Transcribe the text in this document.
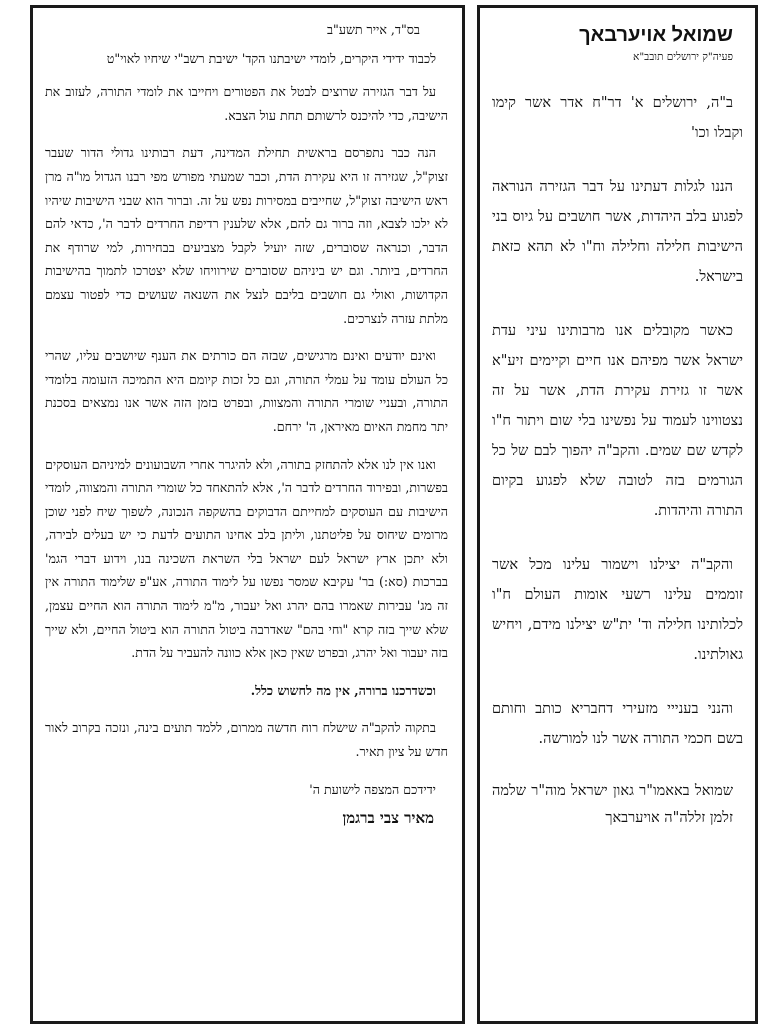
בס"ד, אייר תשע"ב

לכבוד ידידי היקרים, לומדי ישיבתנו הקד' ישיבת רשב"י שיחיו לאוי"ט

על דבר הגזירה שרוצים לבטל את הפטורים ויחייבו את לומדי התורה, לעזוב את הישיבה, כדי להיכנס לרשותם תחת עול הצבא.

הנה כבר נתפרסם בראשית תחילת המדינה, דעת רבותינו גדולי הדור שעבר זצוק"ל, שגזירה זו היא עקירת הדת, וכבר שמעתי מפורש מפי רבנו הגדול מו"ה מרן ראש הישיבה זצוק"ל, שחייבים במסירות נפש על זה. וברור הוא שבני הישיבות שיהיו לא ילכו לצבא, וזה ברור גם להם, אלא שלענין רדיפת החרדים לדבר ה', כדאי להם הדבר, וכנראה שסוברים, שזה יועיל לקבל מצביעים בבחירות, למי שרודף את החרדים, ביותר. וגם יש ביניהם שסוברים שירוויחו שלא יצטרכו לתמוך בהישיבות הקדושות, ואולי גם חושבים בליבם לנצל את השנאה שעושים כדי לפטור עצמם מלתת עזרה לנצרכים.

ואינם יודעים ואינם מרגישים, שבזה הם כורתים את הענף שיושבים עליו, שהרי כל העולם עומד על עמלי התורה, וגם כל זכות קיומם היא התמיכה הזעומה בלומדי התורה, ובעניי שומרי התורה והמצוות, ובפרט בזמן הזה אשר אנו נמצאים בסכנת יתר מחמת האיום מאיראן, ה' ירחם.

ואנו אין לנו אלא להתחזק בתורה, ולא להיגרר אחרי השבועונים למיניהם העוסקים בפשרות, ובפירוד החרדים לדבר ה', אלא להתאחד כל שומרי התורה והמצווה, לומדי הישיבות עם העוסקים למחייתם הדבוקים בהשקפה הנכונה, לשפוך שיח לפני שוכן מרומים שיחוס על פליטתנו, וליתן בלב אחינו התועים לדעת כי יש בעלים לבירה, ולא יתכן ארץ ישראל לעם ישראל בלי השראת השכינה בנו, וידוע דברי הגמ' בברכות (סא:) בר' עקיבא שמסר נפשו על לימוד התורה, אע"פ שלימוד התורה אין זה מג' עבירות שאמרו בהם יהרג ואל יעבור, מ"מ לימוד התורה הוא החיים עצמן, שלא שייך בזה קרא "וחי בהם" שאדרבה ביטול התורה הוא ביטול החיים, ולא שייך בזה יעבור ואל יהרג, ובפרט שאין כאן אלא כוונה להעביר על הדת.

וכשדרכנו ברורה, אין מה לחשוש כלל.

בתקוה להקב"ה שישלח רוח חדשה ממרום, ללמד תועים בינה, ונזכה בקרוב לאור חדש על ציון תאיר.

ידידכם המצפה לישועת ה'

מאיר צבי ברגמן

שמואל אויערבאך

פעיה"ק ירושלים תובב"א

ב"ה, ירושלים א' דר"ח אדר אשר קימו וקבלו וכו'

הננו לגלות דעתינו על דבר הגזירה הנוראה לפגוע בלב היהדות, אשר חושבים על גיוס בני הישיבות חלילה וחלילה וח"ו לא תהא כזאת בישראל.

כאשר מקובלים אנו מרבותינו עיני עדת ישראל אשר מפיהם אנו חיים וקיימים זיע"א אשר זו גזירת עקירת הדת, אשר על זה נצטווינו לעמוד על נפשינו בלי שום ויתור ח"ו לקדש שם שמים. והקב"ה יהפוך לבם של כל הגורמים בזה לטובה שלא לפגוע בקיום התורה והיהדות.

והקב"ה יצילנו וישמור עלינו מכל אשר זוממים עלינו רשעי אומות העולם ח"ו לכלותינו חלילה וד' ית"ש יצילנו מידם, ויחיש גאולתינו.

והנני בענייי מזעירי דחבריא כותב וחותם בשם חכמי התורה אשר לנו למורשה.

שמואל באאמו"ר גאון ישראל מוה"ר שלמה זלמן זללה"ה אויערבאך
